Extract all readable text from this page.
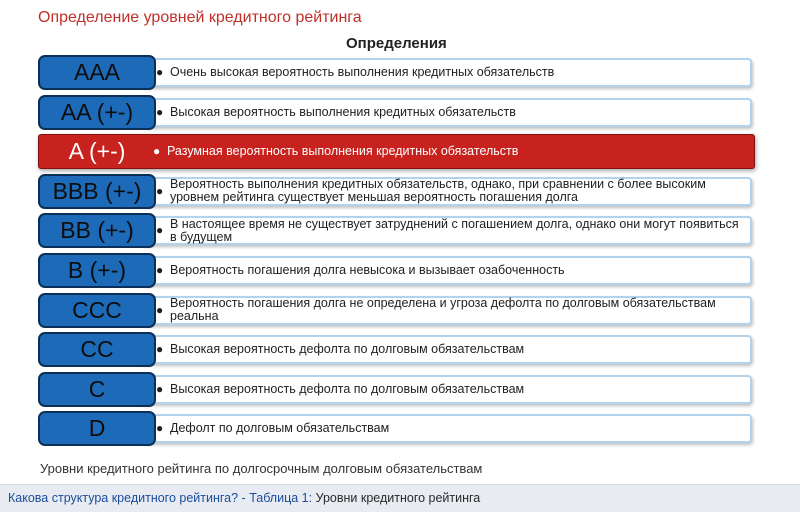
Определение уровней кредитного рейтинга
Определения
● Очень высокая вероятность выполнения кредитных обязательств
AAA
● Высокая вероятность выполнения кредитных обязательств
AA (+-)
● Разумная вероятность выполнения кредитных обязательств
A (+-)
● Вероятность выполнения кредитных обязательств, однако, при сравнении с более высоким уровнем рейтинга существует меньшая вероятность погашения долга
BBB (+-)
● В настоящее время не существует затруднений с погашением долга, однако они могут появиться в будущем
BB (+-)
● Вероятность погашения долга невысока и вызывает озабоченность
B (+-)
● Вероятность погашения долга не определена и угроза дефолта по долговым обязательствам реальна
CCC
● Высокая вероятность дефолта по долговым обязательствам
CC
● Высокая вероятность дефолта по долговым обязательствам
C
● Дефолт по долговым обязательствам
D
Уровни кредитного рейтинга по долгосрочным долговым обязательствам
Какова структура кредитного рейтинга? - Таблица 1: Уровни кредитного рейтинга
